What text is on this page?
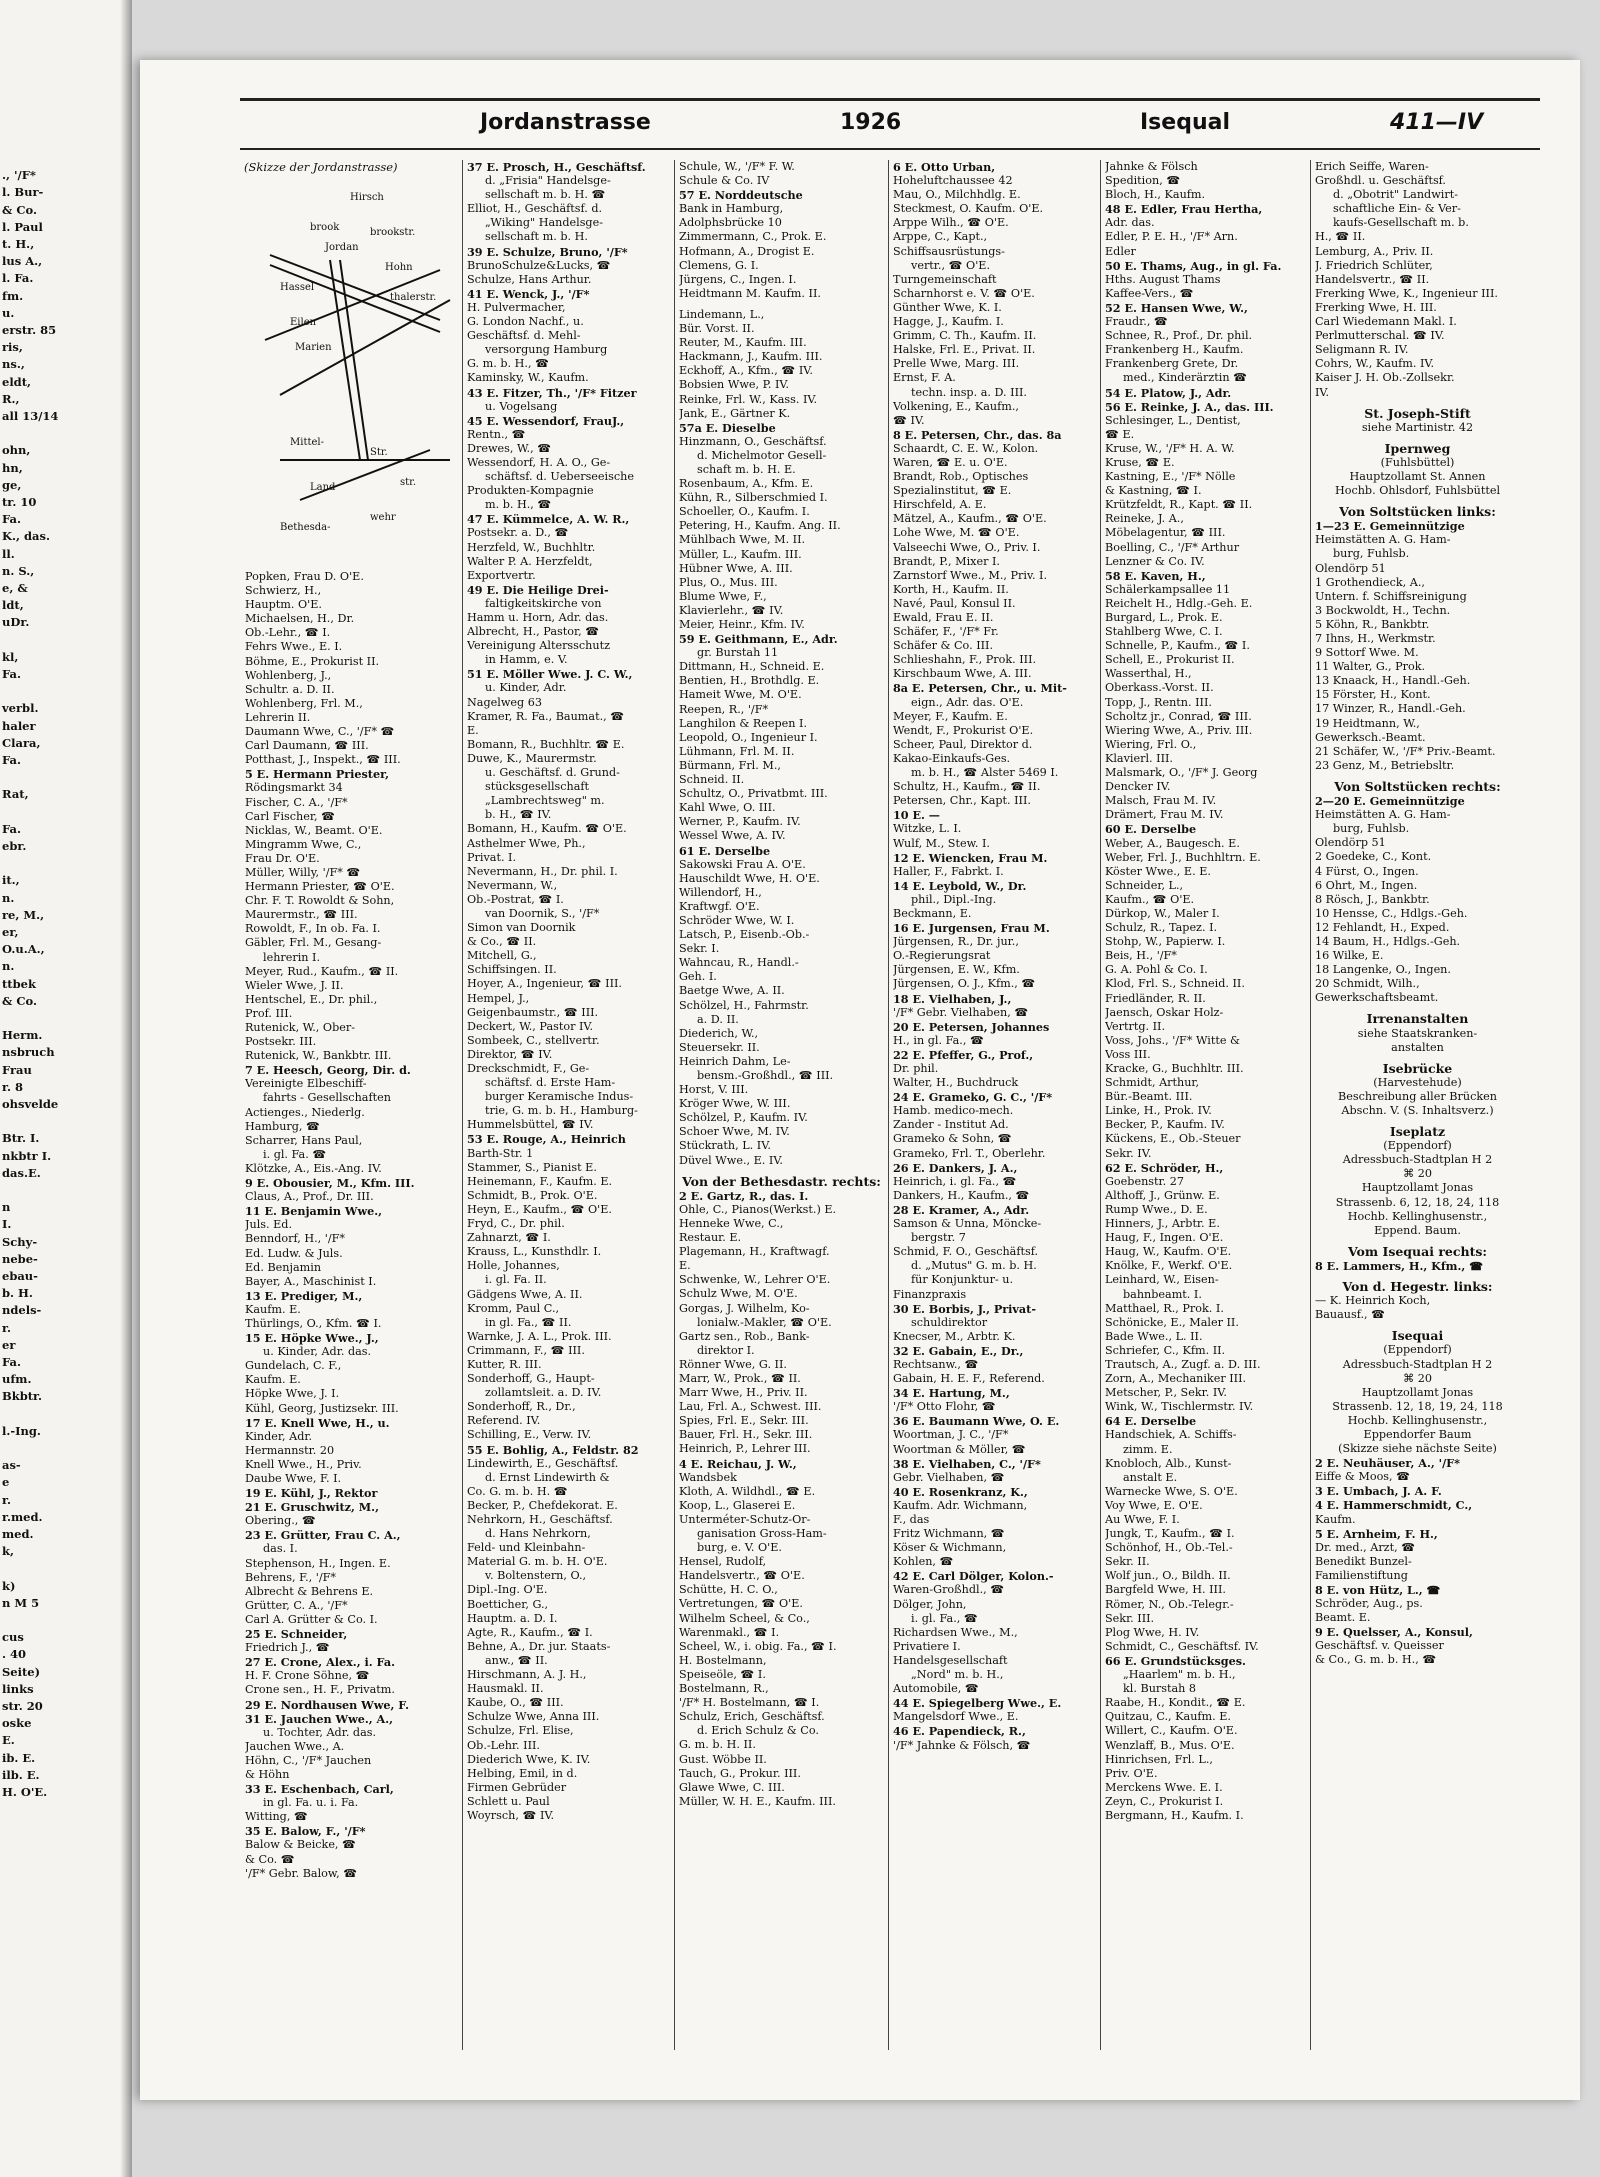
., '/F*
l. Bur-
& Co.
l. Paul
t. H.,
lus A.,
l. Fa.
fm.
u.
erstr. 85
ris,
ns.,
eldt,
R.,
all 13/14
ohn,
hn,
ge,
tr. 10
Fa.
K., das.
ll.
n. S.,
e, &
ldt,
uDr.
kl,
Fa.
verbl.
haler
Clara,
Fa.
Rat,
Fa.
ebr.
it.,
n.
re, M.,
er,
O.u.A.,
n.
ttbek
& Co.
Herm.
nsbruch
Frau
r. 8
ohsvelde
Btr. I.
nkbtr I.
das.E.
n
I.
Schy-
nebe-
ebau-
b. H.
ndels-
r.
er
Fa.
ufm.
Bkbtr.
l.-Ing.
as-
e
r.
r.med.
med.
k,
k)
n M 5
cus
. 40
Seite)
links
str. 20
oske
E.
ib. E.
ilb. E.
H. O'E.
Jordanstrasse	1926	Isequal	411—IV
(Skizze der Jordanstrasse)
Hirsch
brook
Jordan
Hassel
brookstr.
Eilen
Hohn
Marien
thalerstr.
Mittel-
Str.
Land
Bethesda-
wehr
str.
Popken, Frau D. O'E.
Schwierz, H.,
Hauptm. O'E.
Michaelsen, H., Dr.
Ob.-Lehr., ☎ I.
Fehrs Wwe., E. I.
Böhme, E., Prokurist II.
Wohlenberg, J.,
Schultr. a. D. II.
Wohlenberg, Frl. M.,
Lehrerin II.
Daumann Wwe, C., '/F* ☎
Carl Daumann, ☎ III.
Potthast, J., Inspekt., ☎ III.
5 E. Hermann Priester,
Rödingsmarkt 34
Fischer, C. A., '/F*
Carl Fischer, ☎
Nicklas, W., Beamt. O'E.
Mingramm Wwe, C.,
Frau Dr. O'E.
Müller, Willy, '/F* ☎
Hermann Priester, ☎ O'E.
Chr. F. T. Rowoldt & Sohn,
Maurermstr., ☎ III.
Rowoldt, F., In ob. Fa. I.
Gäbler, Frl. M., Gesang-
lehrerin I.
Meyer, Rud., Kaufm., ☎ II.
Wieler Wwe, J. II.
Hentschel, E., Dr. phil.,
Prof. III.
Rutenick, W., Ober-
Postsekr. III.
Rutenick, W., Bankbtr. III.
7 E. Heesch, Georg, Dir. d.
Vereinigte Elbeschiff-
fahrts - Gesellschaften
Actienges., Niederlg.
Hamburg, ☎
Scharrer, Hans Paul,
i. gl. Fa. ☎
Klötzke, A., Eis.-Ang. IV.
9 E. Obousier, M., Kfm. III.
Claus, A., Prof., Dr. III.
11 E. Benjamin Wwe.,
Juls. Ed.
Benndorf, H., '/F*
Ed. Ludw. & Juls.
Ed. Benjamin
Bayer, A., Maschinist I.
13 E. Prediger, M.,
Kaufm. E.
Thürlings, O., Kfm. ☎ I.
15 E. Höpke Wwe., J.,
u. Kinder, Adr. das.
Gundelach, C. F.,
Kaufm. E.
Höpke Wwe, J. I.
Kühl, Georg, Justizsekr. III.
17 E. Knell Wwe, H., u.
Kinder, Adr.
Hermannstr. 20
Knell Wwe., H., Priv.
Daube Wwe, F. I.
19 E. Kühl, J., Rektor
21 E. Gruschwitz, M.,
Obering., ☎
23 E. Grütter, Frau C. A.,
das. I.
Stephenson, H., Ingen. E.
Behrens, F., '/F*
Albrecht & Behrens E.
Grütter, C. A., '/F*
Carl A. Grütter & Co. I.
25 E. Schneider,
Friedrich J., ☎
27 E. Crone, Alex., i. Fa.
H. F. Crone Söhne, ☎
Crone sen., H. F., Privatm.
29 E. Nordhausen Wwe, F.
31 E. Jauchen Wwe., A.,
u. Tochter, Adr. das.
Jauchen Wwe., A.
Höhn, C., '/F* Jauchen
& Höhn
33 E. Eschenbach, Carl,
in gl. Fa. u. i. Fa.
Witting, ☎
35 E. Balow, F., '/F*
Balow & Beicke, ☎
& Co. ☎
'/F* Gebr. Balow, ☎
37 E. Prosch, H., Geschäftsf.
d. „Frisia" Handelsge-
sellschaft m. b. H. ☎
Elliot, H., Geschäftsf. d.
„Wiking" Handelsge-
sellschaft m. b. H.
39 E. Schulze, Bruno, '/F*
BrunoSchulze&Lucks, ☎
Schulze, Hans Arthur.
41 E. Wenck, J., '/F*
H. Pulvermacher,
G. London Nachf., u.
Geschäftsf. d. Mehl-
versorgung Hamburg
G. m. b. H., ☎
Kaminsky, W., Kaufm.
43 E. Fitzer, Th., '/F* Fitzer
u. Vogelsang
45 E. Wessendorf, FrauJ.,
Rentn., ☎
Drewes, W., ☎
Wessendorf, H. A. O., Ge-
schäftsf. d. Ueberseeische
Produkten-Kompagnie
m. b. H., ☎
47 E. Kümmelce, A. W. R.,
Postsekr. a. D., ☎
Herzfeld, W., Buchhltr.
Walter P. A. Herzfeldt,
Exportvertr.
49 E. Die Heilige Drei-
faltigkeitskirche von
Hamm u. Horn, Adr. das.
Albrecht, H., Pastor, ☎
Vereinigung Altersschutz
in Hamm, e. V.
51 E. Möller Wwe. J. C. W.,
u. Kinder, Adr.
Nagelweg 63
Kramer, R. Fa., Baumat., ☎
E.
Bomann, R., Buchhltr. ☎ E.
Duwe, K., Maurermstr.
u. Geschäftsf. d. Grund-
stücksgesellschaft
„Lambrechtsweg" m.
b. H., ☎ IV.
Bomann, H., Kaufm. ☎ O'E.
Asthelmer Wwe, Ph.,
Privat. I.
Nevermann, H., Dr. phil. I.
Nevermann, W.,
Ob.-Postrat, ☎ I.
van Doornik, S., '/F*
Simon van Doornik
& Co., ☎ II.
Mitchell, G.,
Schiffsingen. II.
Hoyer, A., Ingenieur, ☎ III.
Hempel, J.,
Geigenbaumstr., ☎ III.
Deckert, W., Pastor IV.
Sombeek, C., stellvertr.
Direktor, ☎ IV.
Dreckschmidt, F., Ge-
schäftsf. d. Erste Ham-
burger Keramische Indus-
trie, G. m. b. H., Hamburg-
Hummelsbüttel, ☎ IV.
53 E. Rouge, A., Heinrich
Barth-Str. 1
Stammer, S., Pianist E.
Heinemann, F., Kaufm. E.
Schmidt, B., Prok. O'E.
Heyn, E., Kaufm., ☎ O'E.
Fryd, C., Dr. phil.
Zahnarzt, ☎ I.
Krauss, L., Kunsthdlr. I.
Holle, Johannes,
i. gl. Fa. II.
Gädgens Wwe, A. II.
Kromm, Paul C.,
in gl. Fa., ☎ II.
Warnke, J. A. L., Prok. III.
Crimmann, F., ☎ III.
Kutter, R. III.
Sonderhoff, G., Haupt-
zollamtsleit. a. D. IV.
Sonderhoff, R., Dr.,
Referend. IV.
Schilling, E., Verw. IV.
55 E. Bohlig, A., Feldstr. 82
Lindewirth, E., Geschäftsf.
d. Ernst Lindewirth &
Co. G. m. b. H. ☎
Becker, P., Chefdekorat. E.
Nehrkorn, H., Geschäftsf.
d. Hans Nehrkorn,
Feld- und Kleinbahn-
Material G. m. b. H. O'E.
v. Boltenstern, O.,
Dipl.-Ing. O'E.
Boetticher, G.,
Hauptm. a. D. I.
Agte, R., Kaufm., ☎ I.
Behne, A., Dr. jur. Staats-
anw., ☎ II.
Hirschmann, A. J. H.,
Hausmakl. II.
Kaube, O., ☎ III.
Schulze Wwe, Anna III.
Schulze, Frl. Elise,
Ob.-Lehr. III.
Diederich Wwe, K. IV.
Helbing, Emil, in d.
Firmen Gebrüder
Schlett u. Paul
Woyrsch, ☎ IV.
Schule, W., '/F* F. W.
Schule & Co. IV
57 E. Norddeutsche
Bank in Hamburg,
Adolphsbrücke 10
Zimmermann, C., Prok. E.
Hofmann, A., Drogist E.
Clemens, G. I.
Jürgens, C., Ingen. I.
Heidtmann M. Kaufm. II.

Lindemann, L.,
Bür. Vorst. II.
Reuter, M., Kaufm. III.
Hackmann, J., Kaufm. III.
Eckhoff, A., Kfm., ☎ IV.
Bobsien Wwe, P. IV.
Reinke, Frl. W., Kass. IV.
Jank, E., Gärtner K.
57a E. Dieselbe
Hinzmann, O., Geschäftsf.
d. Michelmotor Gesell-
schaft m. b. H. E.
Rosenbaum, A., Kfm. E.
Kühn, R., Silberschmied I.
Schoeller, O., Kaufm. I.
Petering, H., Kaufm. Ang. II.
Mühlbach Wwe, M. II.
Müller, L., Kaufm. III.
Hübner Wwe, A. III.
Plus, O., Mus. III.
Blume Wwe, F.,
Klavierlehr., ☎ IV.
Meier, Heinr., Kfm. IV.
59 E. Geithmann, E., Adr.
gr. Burstah 11
Dittmann, H., Schneid. E.
Bentien, H., Brothdlg. E.
Hameit Wwe, M. O'E.
Reepen, R., '/F*
Langhilon & Reepen I.
Leopold, O., Ingenieur I.
Lühmann, Frl. M. II.
Bürmann, Frl. M.,
Schneid. II.
Schultz, O., Privatbmt. III.
Kahl Wwe, O. III.
Werner, P., Kaufm. IV.
Wessel Wwe, A. IV.
61 E. Derselbe
Sakowski Frau A. O'E.
Hauschildt Wwe, H. O'E.
Willendorf, H.,
Kraftwgf. O'E.
Schröder Wwe, W. I.
Latsch, P., Eisenb.-Ob.-
Sekr. I.
Wahncau, R., Handl.-
Geh. I.
Baetge Wwe, A. II.
Schölzel, H., Fahrmstr.
a. D. II.
Diederich, W.,
Steuersekr. II.
Heinrich Dahm, Le-
bensm.-Großhdl., ☎ III.
Horst, V. III.
Kröger Wwe, W. III.
Schölzel, P., Kaufm. IV.
Schoer Wwe, M. IV.
Stückrath, L. IV.
Düvel Wwe., E. IV.

Von der Bethesdastr. rechts:
2 E. Gartz, R., das. I.
Ohle, C., Pianos(Werkst.) E.
Henneke Wwe, C.,
Restaur. E.
Plagemann, H., Kraftwagf.
E.
Schwenke, W., Lehrer O'E.
Schulz Wwe, M. O'E.
Gorgas, J. Wilhelm, Ko-
lonialw.-Makler, ☎ O'E.
Gartz sen., Rob., Bank-
direktor I.
Rönner Wwe, G. II.
Marr, W., Prok., ☎ II.
Marr Wwe, H., Priv. II.
Lau, Frl. A., Schwest. III.
Spies, Frl. E., Sekr. III.
Bauer, Frl. H., Sekr. III.
Heinrich, P., Lehrer III.
4 E. Reichau, J. W.,
Wandsbek
Kloth, A. Wildhdl., ☎ E.
Koop, L., Glaserei E.
Unterméter-Schutz-Or-
ganisation Gross-Ham-
burg, e. V. O'E.
Hensel, Rudolf,
Handelsvertr., ☎ O'E.
Schütte, H. C. O.,
Vertretungen, ☎ O'E.
Wilhelm Scheel, & Co.,
Warenmakl., ☎ I.
Scheel, W., i. obig. Fa., ☎ I.
H. Bostelmann,
Speiseöle, ☎ I.
Bostelmann, R.,
'/F* H. Bostelmann, ☎ I.
Schulz, Erich, Geschäftsf.
d. Erich Schulz & Co.
G. m. b. H. II.
Gust. Wöbbe II.
Tauch, G., Prokur. III.
Glawe Wwe, C. III.
Müller, W. H. E., Kaufm. III.
6 E. Otto Urban,
Hoheluftchaussee 42
Mau, O., Milchhdlg. E.
Steckmest, O. Kaufm. O'E.
Arppe Wilh., ☎ O'E.
Arppe, C., Kapt.,
Schiffsausrüstungs-
vertr., ☎ O'E.
Turngemeinschaft
Scharnhorst e. V. ☎ O'E.
Günther Wwe, K. I.
Hagge, J., Kaufm. I.
Grimm, C. Th., Kaufm. II.
Halske, Frl. E., Privat. II.
Prelle Wwe, Marg. III.
Ernst, F. A.
techn. insp. a. D. III.
Volkening, E., Kaufm.,
☎ IV.
8 E. Petersen, Chr., das. 8a
Schaardt, C. E. W., Kolon.
Waren, ☎ E. u. O'E.
Brandt, Rob., Optisches
Spezialinstitut, ☎ E.
Hirschfeld, A. E.
Mätzel, A., Kaufm., ☎ O'E.
Lohe Wwe, M. ☎ O'E.
Valseechi Wwe, O., Priv. I.
Brandt, P., Mixer I.
Zarnstorf Wwe., M., Priv. I.
Korth, H., Kaufm. II.
Navé, Paul, Konsul II.
Ewald, Frau E. II.
Schäfer, F., '/F* Fr.
Schäfer & Co. III.
Schlieshahn, F., Prok. III.
Kirschbaum Wwe, A. III.
8a E. Petersen, Chr., u. Mit-
eign., Adr. das. O'E.
Meyer, F., Kaufm. E.
Wendt, F., Prokurist O'E.
Scheer, Paul, Direktor d.
Kakao-Einkaufs-Ges.
m. b. H., ☎ Alster 5469 I.
Schultz, H., Kaufm., ☎ II.
Petersen, Chr., Kapt. III.
10 E. —
Witzke, L. I.
Wulf, M., Stew. I.
12 E. Wiencken, Frau M.
Haller, F., Fabrkt. I.
14 E. Leybold, W., Dr.
phil., Dipl.-Ing.
Beckmann, E.
16 E. Jurgensen, Frau M.
Jürgensen, R., Dr. jur.,
O.-Regierungsrat
Jürgensen, E. W., Kfm.
Jürgensen, O. J., Kfm., ☎
18 E. Vielhaben, J.,
'/F* Gebr. Vielhaben, ☎
20 E. Petersen, Johannes
H., in gl. Fa., ☎
22 E. Pfeffer, G., Prof.,
Dr. phil.
Walter, H., Buchdruck
24 E. Grameko, G. C., '/F*
Hamb. medico-mech.
Zander - Institut Ad.
Grameko & Sohn, ☎
Grameko, Frl. T., Oberlehr.
26 E. Dankers, J. A.,
Heinrich, i. gl. Fa., ☎
Dankers, H., Kaufm., ☎
28 E. Kramer, A., Adr.
Samson & Unna, Möncke-
bergstr. 7
Schmid, F. O., Geschäftsf.
d. „Mutus" G. m. b. H.
für Konjunktur- u.
Finanzpraxis
30 E. Borbis, J., Privat-
schuldirektor
Knecser, M., Arbtr. K.
32 E. Gabain, E., Dr.,
Rechtsanw., ☎
Gabain, H. E. F., Referend.
34 E. Hartung, M.,
'/F* Otto Flohr, ☎
36 E. Baumann Wwe, O. E.
Woortman, J. C., '/F*
Woortman & Möller, ☎
38 E. Vielhaben, C., '/F*
Gebr. Vielhaben, ☎
40 E. Rosenkranz, K.,
Kaufm. Adr. Wichmann,
F., das
Fritz Wichmann, ☎
Köser & Wichmann,
Kohlen, ☎
42 E. Carl Dölger, Kolon.-
Waren-Großhdl., ☎
Dölger, John,
i. gl. Fa., ☎
Richardsen Wwe., M.,
Privatiere I.
Handelsgesellschaft
„Nord" m. b. H.,
Automobile, ☎
44 E. Spiegelberg Wwe., E.
Mangelsdorf Wwe., E.
46 E. Papendieck, R.,
'/F* Jahnke & Fölsch, ☎
Jahnke & Fölsch
Spedition, ☎
Bloch, H., Kaufm.
48 E. Edler, Frau Hertha,
Adr. das.
Edler, P. E. H., '/F* Arn.
Edler
50 E. Thams, Aug., in gl. Fa.
Hths. August Thams
Kaffee-Vers., ☎
52 E. Hansen Wwe, W.,
Fraudr., ☎
Schnee, R., Prof., Dr. phil.
Frankenberg H., Kaufm.
Frankenberg Grete, Dr.
med., Kinderärztin ☎
54 E. Platow, J., Adr.
56 E. Reinke, J. A., das. III.
Schlesinger, L., Dentist,
☎ E.
Kruse, W., '/F* H. A. W.
Kruse, ☎ E.
Kastning, E., '/F* Nölle
& Kastning, ☎ I.
Krützfeldt, R., Kapt. ☎ II.
Reineke, J. A.,
Möbelagentur, ☎ III.
Boelling, C., '/F* Arthur
Lenzner & Co. IV.
58 E. Kaven, H.,
Schälerkampsallee 11
Reichelt H., Hdlg.-Geh. E.
Burgard, L., Prok. E.
Stahlberg Wwe, C. I.
Schnelle, P., Kaufm., ☎ I.
Schell, E., Prokurist II.
Wasserthal, H.,
Oberkass.-Vorst. II.
Topp, J., Rentn. III.
Scholtz jr., Conrad, ☎ III.
Wiering Wwe, A., Priv. III.
Wiering, Frl. O.,
Klavierl. III.
Malsmark, O., '/F* J. Georg
Dencker IV.
Malsch, Frau M. IV.
Drämert, Frau M. IV.
60 E. Derselbe
Weber, A., Baugesch. E.
Weber, Frl. J., Buchhltrn. E.
Köster Wwe., E. E.
Schneider, L.,
Kaufm., ☎ O'E.
Dürkop, W., Maler I.
Schulz, R., Tapez. I.
Stohp, W., Papierw. I.
Beis, H., '/F*
G. A. Pohl & Co. I.
Klod, Frl. S., Schneid. II.
Friedländer, R. II.
Jaensch, Oskar Holz-
Vertrtg. II.
Voss, Johs., '/F* Witte &
Voss III.
Kracke, G., Buchhltr. III.
Schmidt, Arthur,
Bür.-Beamt. III.
Linke, H., Prok. IV.
Becker, P., Kaufm. IV.
Kückens, E., Ob.-Steuer
Sekr. IV.
62 E. Schröder, H.,
Goebenstr. 27
Althoff, J., Grünw. E.
Rump Wwe., D. E.
Hinners, J., Arbtr. E.
Haug, F., Ingen. O'E.
Haug, W., Kaufm. O'E.
Knölke, F., Werkf. O'E.
Leinhard, W., Eisen-
bahnbeamt. I.
Matthael, R., Prok. I.
Schönicke, E., Maler II.
Bade Wwe., L. II.
Schriefer, C., Kfm. II.
Trautsch, A., Zugf. a. D. III.
Zorn, A., Mechaniker III.
Metscher, P., Sekr. IV.
Wink, W., Tischlermstr. IV.
64 E. Derselbe
Handschiek, A. Schiffs-
zimm. E.
Knobloch, Alb., Kunst-
anstalt E.
Warnecke Wwe, S. O'E.
Voy Wwe, E. O'E.
Au Wwe, F. I.
Jungk, T., Kaufm., ☎ I.
Schönhof, H., Ob.-Tel.-
Sekr. II.
Wolf jun., O., Bildh. II.
Bargfeld Wwe, H. III.
Römer, N., Ob.-Telegr.-
Sekr. III.
Plog Wwe, H. IV.
Schmidt, C., Geschäftsf. IV.
66 E. Grundstücksges.
„Haarlem" m. b. H.,
kl. Burstah 8
Raabe, H., Kondit., ☎ E.
Quitzau, C., Kaufm. E.
Willert, C., Kaufm. O'E.
Wenzlaff, B., Mus. O'E.
Hinrichsen, Frl. L.,
Priv. O'E.
Merckens Wwe. E. I.
Zeyn, C., Prokurist I.
Bergmann, H., Kaufm. I.
Erich Seiffe, Waren-
Großhdl. u. Geschäftsf.
d. „Obotrit" Landwirt-
schaftliche Ein- & Ver-
kaufs-Gesellschaft m. b.
H., ☎ II.
Lemburg, A., Priv. II.
J. Friedrich Schlüter,
Handelsvertr., ☎ II.
Frerking Wwe, K., Ingenieur III.
Frerking Wwe, H. III.
Carl Wiedemann Makl. I.
Perlmutterschal. ☎ IV.
Seligmann R. IV.
Cohrs, W., Kaufm. IV.
Kaiser J. H. Ob.-Zollsekr.
IV.

St. Joseph-Stift
siehe Martinistr. 42

Ipernweg
(Fuhlsbüttel)
Hauptzollamt St. Annen
Hochb. Ohlsdorf, Fuhlsbüttel

Von Soltstücken links:
1—23 E. Gemeinnützige
Heimstätten A. G. Ham-
burg, Fuhlsb.
Olendörp 51
1 Grothendieck, A.,
Untern. f. Schiffsreinigung
3 Bockwoldt, H., Techn.
5 Köhn, R., Bankbtr.
7 Ihns, H., Werkmstr.
9 Sottorf Wwe. M.
11 Walter, G., Prok.
13 Knaack, H., Handl.-Geh.
15 Förster, H., Kont.
17 Winzer, R., Handl.-Geh.
19 Heidtmann, W.,
Gewerksch.-Beamt.
21 Schäfer, W., '/F* Priv.-Beamt.
23 Genz, M., Betriebsltr.

Von Soltstücken rechts:
2—20 E. Gemeinnützige
Heimstätten A. G. Ham-
burg, Fuhlsb.
Olendörp 51
2 Goedeke, C., Kont.
4 Fürst, O., Ingen.
6 Ohrt, M., Ingen.
8 Rösch, J., Bankbtr.
10 Hensse, C., Hdlgs.-Geh.
12 Fehlandt, H., Exped.
14 Baum, H., Hdlgs.-Geh.
16 Wilke, E.
18 Langenke, O., Ingen.
20 Schmidt, Wilh.,
Gewerkschaftsbeamt.

Irrenanstalten
siehe Staatskranken-
anstalten

Isebrücke
(Harvestehude)
Beschreibung aller Brücken
Abschn. V. (S. Inhaltsverz.)

Iseplatz
(Eppendorf)
Adressbuch-Stadtplan H 2
⌘ 20
Hauptzollamt Jonas
Strassenb. 6, 12, 18, 24, 118
Hochb. Kellinghusenstr.,
Eppend. Baum.

Vom Isequai rechts:
8 E. Lammers, H., Kfm., ☎

Von d. Hegestr. links:
— K. Heinrich Koch,
Bauausf., ☎

Isequai
(Eppendorf)
Adressbuch-Stadtplan H 2
⌘ 20
Hauptzollamt Jonas
Strassenb. 12, 18, 19, 24, 118
Hochb. Kellinghusenstr.,
Eppendorfer Baum
(Skizze siehe nächste Seite)
2 E. Neuhäuser, A., '/F*
Eiffe & Moos, ☎
3 E. Umbach, J. A. F.
4 E. Hammerschmidt, C.,
Kaufm.
5 E. Arnheim, F. H.,
Dr. med., Arzt, ☎
Benedikt Bunzel-
Familienstiftung
8 E. von Hütz, L., ☎
Schröder, Aug., ps.
Beamt. E.
9 E. Quelsser, A., Konsul,
Geschäftsf. v. Queisser
& Co., G. m. b. H., ☎
